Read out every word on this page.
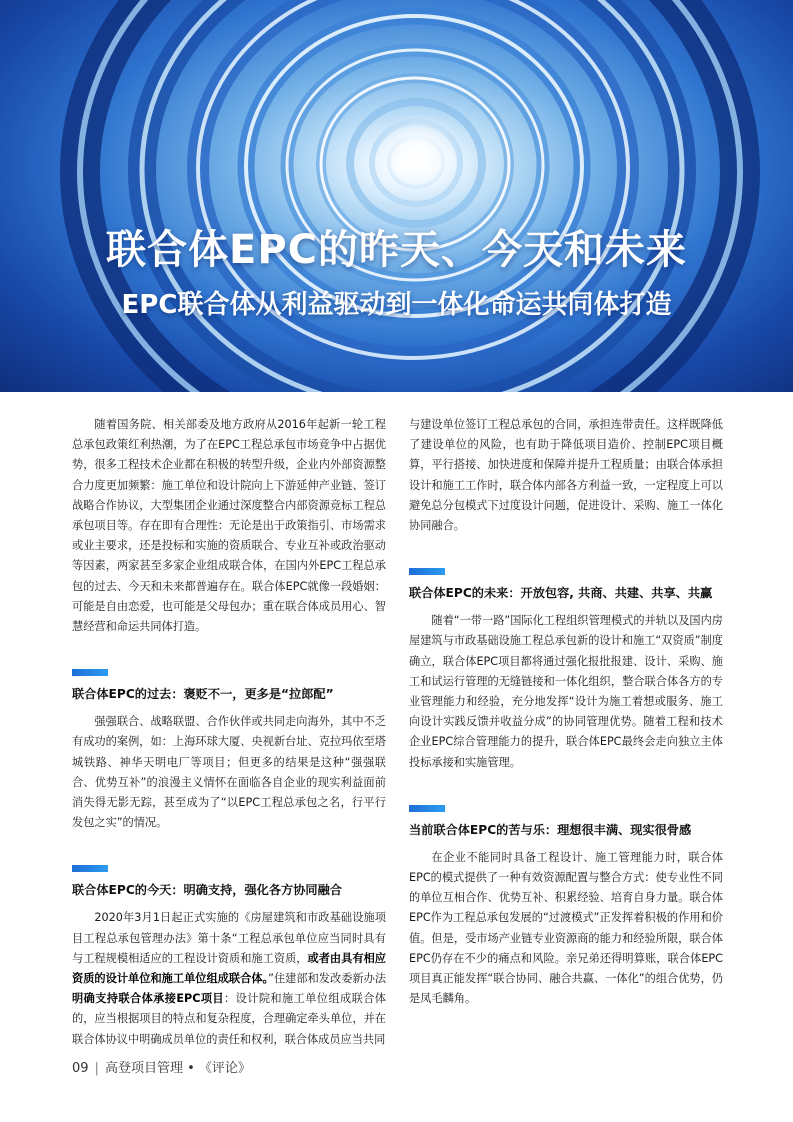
联合体EPC的昨天、今天和未来
EPC联合体从利益驱动到一体化命运共同体打造

随着国务院、相关部委及地方政府从2016年起新一轮工程总承包政策红利热潮，为了在EPC工程总承包市场竞争中占据优势，很多工程技术企业都在积极的转型升级，企业内外部资源整合力度更加频繁：施工单位和设计院向上下游延伸产业链、签订战略合作协议，大型集团企业通过深度整合内部资源竞标工程总承包项目等。存在即有合理性：无论是出于政策指引、市场需求或业主要求，还是投标和实施的资质联合、专业互补或政治驱动等因素，两家甚至多家企业组成联合体，在国内外EPC工程总承包的过去、今天和未来都普遍存在。联合体EPC就像一段婚姻：可能是自由恋爱，也可能是父母包办；重在联合体成员用心、智慧经营和命运共同体打造。

联合体EPC的过去：褒贬不一，更多是“拉郎配”

强强联合、战略联盟、合作伙伴或共同走向海外，其中不乏有成功的案例，如：上海环球大厦、央视新台址、克拉玛依至塔城铁路、神华天明电厂等项目；但更多的结果是这种“强强联合、优势互补”的浪漫主义情怀在面临各自企业的现实利益面前消失得无影无踪，甚至成为了“以EPC工程总承包之名，行平行发包之实”的情况。

联合体EPC的今天：明确支持，强化各方协同融合

2020年3月1日起正式实施的《房屋建筑和市政基础设施项目工程总承包管理办法》第十条“工程总承包单位应当同时具有与工程规模相适应的工程设计资质和施工资质，或者由具有相应资质的设计单位和施工单位组成联合体。”住建部和发改委新办法明确支持联合体承接EPC项目：设计院和施工单位组成联合体的，应当根据项目的特点和复杂程度，合理确定牵头单位，并在联合体协议中明确成员单位的责任和权利，联合体成员应当共同

09 | 高登项目管理 • 《评论》

与建设单位签订工程总承包的合同，承担连带责任。这样既降低了建设单位的风险，也有助于降低项目造价、控制EPC项目概算，平行搭接、加快进度和保障并提升工程质量；由联合体承担设计和施工工作时，联合体内部各方利益一致，一定程度上可以避免总分包模式下过度设计问题，促进设计、采购、施工一体化协同融合。

联合体EPC的未来：开放包容, 共商、共建、共享、共赢

随着“一带一路”国际化工程组织管理模式的并轨以及国内房屋建筑与市政基础设施工程总承包新的设计和施工“双资质”制度确立，联合体EPC项目都将通过强化报批报建、设计、采购、施工和试运行管理的无缝链接和一体化组织，整合联合体各方的专业管理能力和经验，充分地发挥“设计为施工着想或服务、施工向设计实践反馈并收益分成”的协同管理优势。随着工程和技术企业EPC综合管理能力的提升，联合体EPC最终会走向独立主体投标承接和实施管理。

当前联合体EPC的苦与乐：理想很丰满、现实很骨感

在企业不能同时具备工程设计、施工管理能力时，联合体EPC的模式提供了一种有效资源配置与整合方式：使专业性不同的单位互相合作、优势互补、积累经验、培育自身力量。联合体EPC作为工程总承包发展的“过渡模式”正发挥着积极的作用和价值。但是，受市场产业链专业资源商的能力和经验所限，联合体EPC仍存在不少的痛点和风险。亲兄弟还得明算账，联合体EPC项目真正能发挥“联合协同、融合共赢、一体化”的组合优势，仍是凤毛麟角。
